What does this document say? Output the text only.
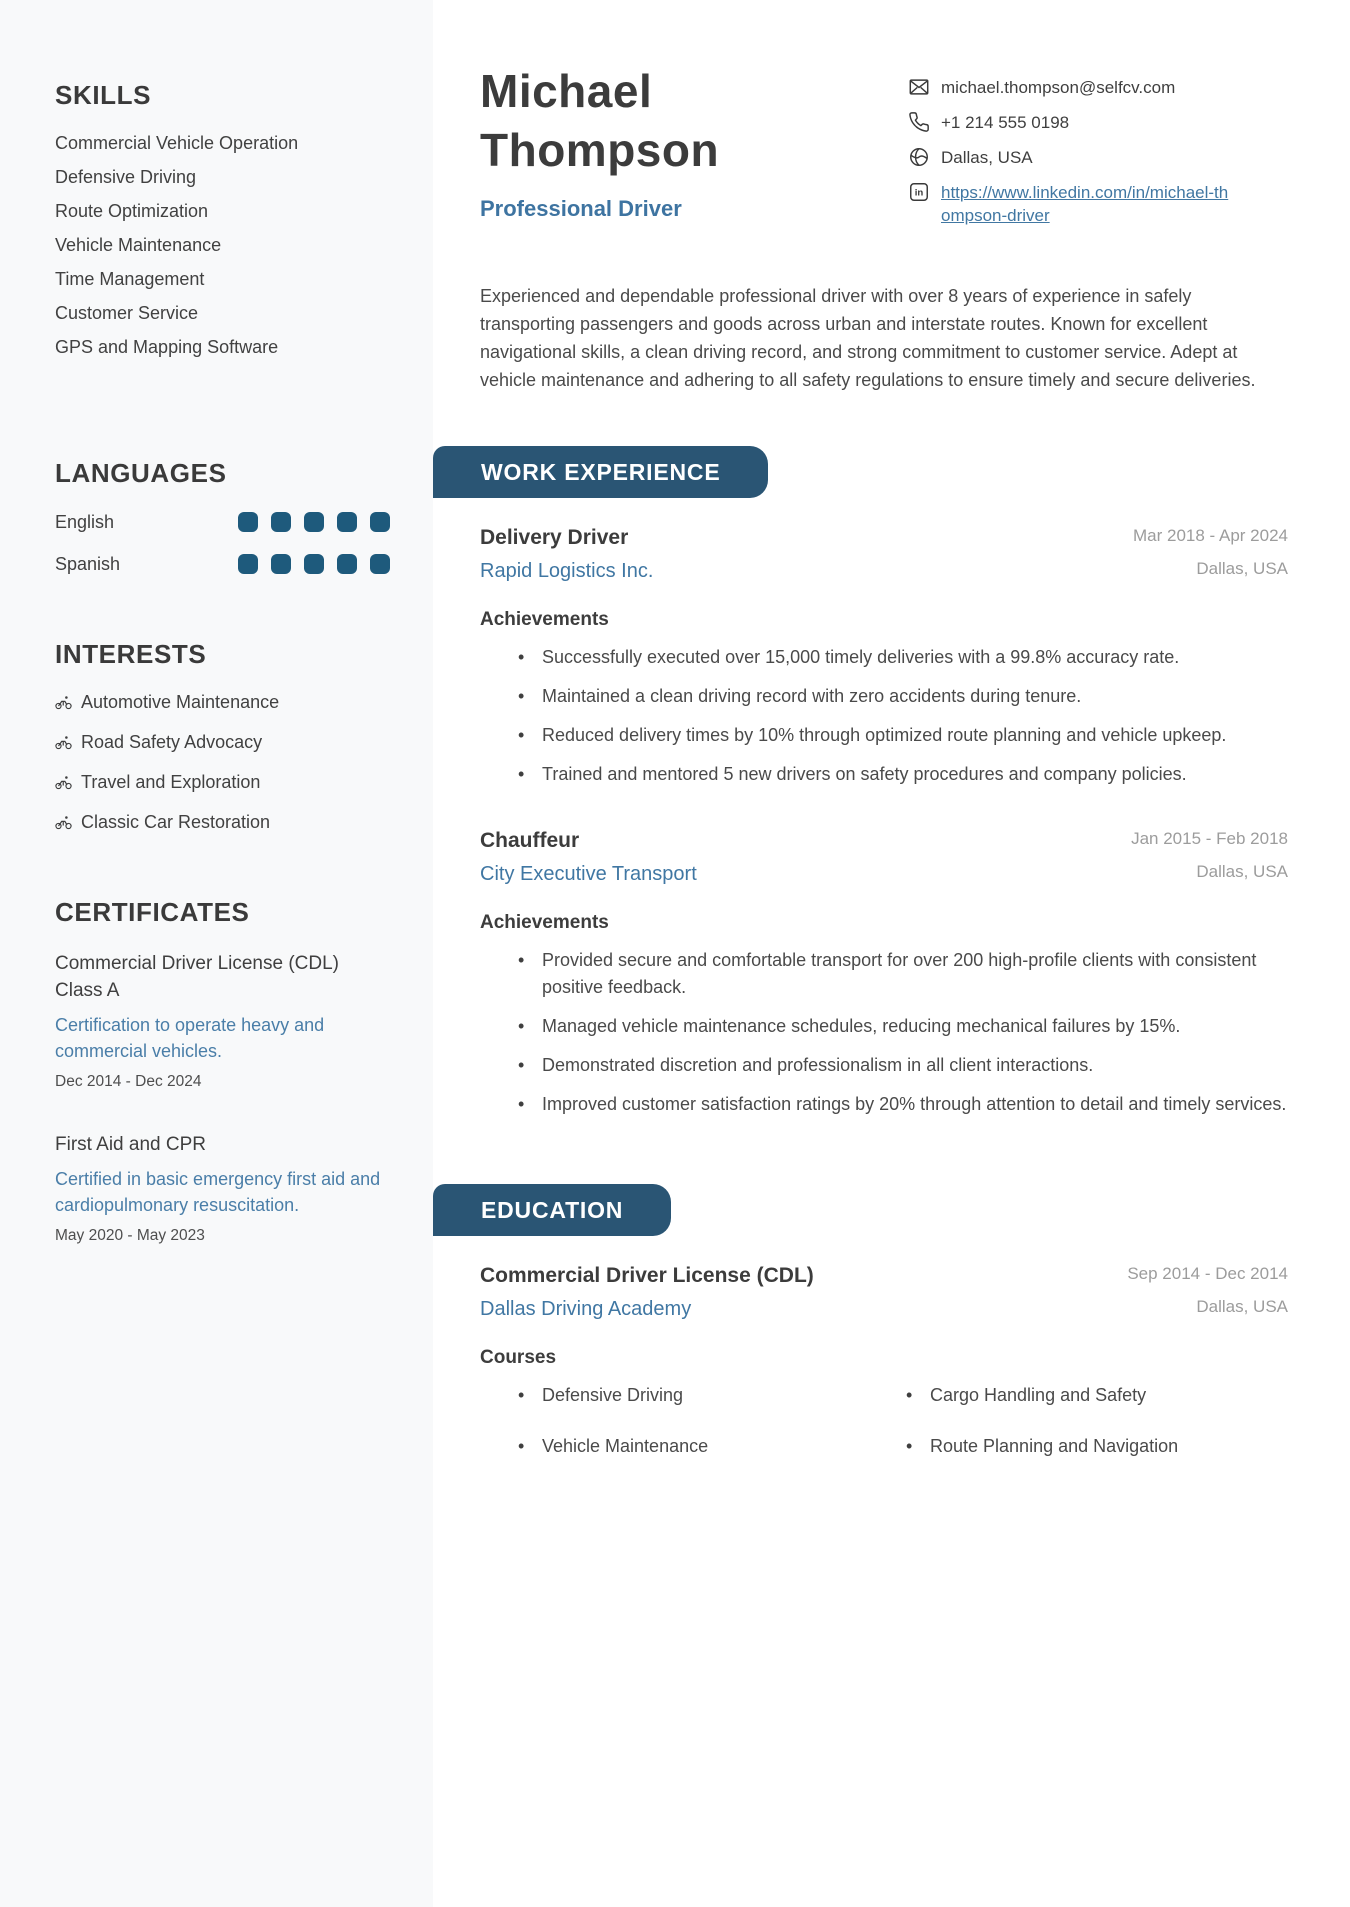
SKILLS
Commercial Vehicle Operation
Defensive Driving
Route Optimization
Vehicle Maintenance
Time Management
Customer Service
GPS and Mapping Software
LANGUAGES
English
Spanish
INTERESTS
Automotive Maintenance
Road Safety Advocacy
Travel and Exploration
Classic Car Restoration
CERTIFICATES
Commercial Driver License (CDL) Class A
Certification to operate heavy and commercial vehicles.
Dec 2014 - Dec 2024
First Aid and CPR
Certified in basic emergency first aid and cardiopulmonary resuscitation.
May 2020 - May 2023
Michael Thompson
Professional Driver
michael.thompson@selfcv.com
+1 214 555 0198
Dallas, USA
in https://www.linkedin.com/in/michael-thompson-driver

Experienced and dependable professional driver with over 8 years of experience in safely transporting passengers and goods across urban and interstate routes. Known for excellent navigational skills, a clean driving record, and strong commitment to customer service. Adept at vehicle maintenance and adhering to all safety regulations to ensure timely and secure deliveries.

WORK EXPERIENCE
Delivery Driver
Rapid Logistics Inc.
Mar 2018 - Apr 2024
Dallas, USA
Achievements
• Successfully executed over 15,000 timely deliveries with a 99.8% accuracy rate.
• Maintained a clean driving record with zero accidents during tenure.
• Reduced delivery times by 10% through optimized route planning and vehicle upkeep.
• Trained and mentored 5 new drivers on safety procedures and company policies.
Chauffeur
City Executive Transport
Jan 2015 - Feb 2018
Dallas, USA
Achievements
• Provided secure and comfortable transport for over 200 high-profile clients with consistent positive feedback.
• Managed vehicle maintenance schedules, reducing mechanical failures by 15%.
• Demonstrated discretion and professionalism in all client interactions.
• Improved customer satisfaction ratings by 20% through attention to detail and timely services.
EDUCATION
Commercial Driver License (CDL)
Dallas Driving Academy
Sep 2014 - Dec 2014
Dallas, USA
Courses
• Defensive Driving	• Cargo Handling and Safety
• Vehicle Maintenance	• Route Planning and Navigation
